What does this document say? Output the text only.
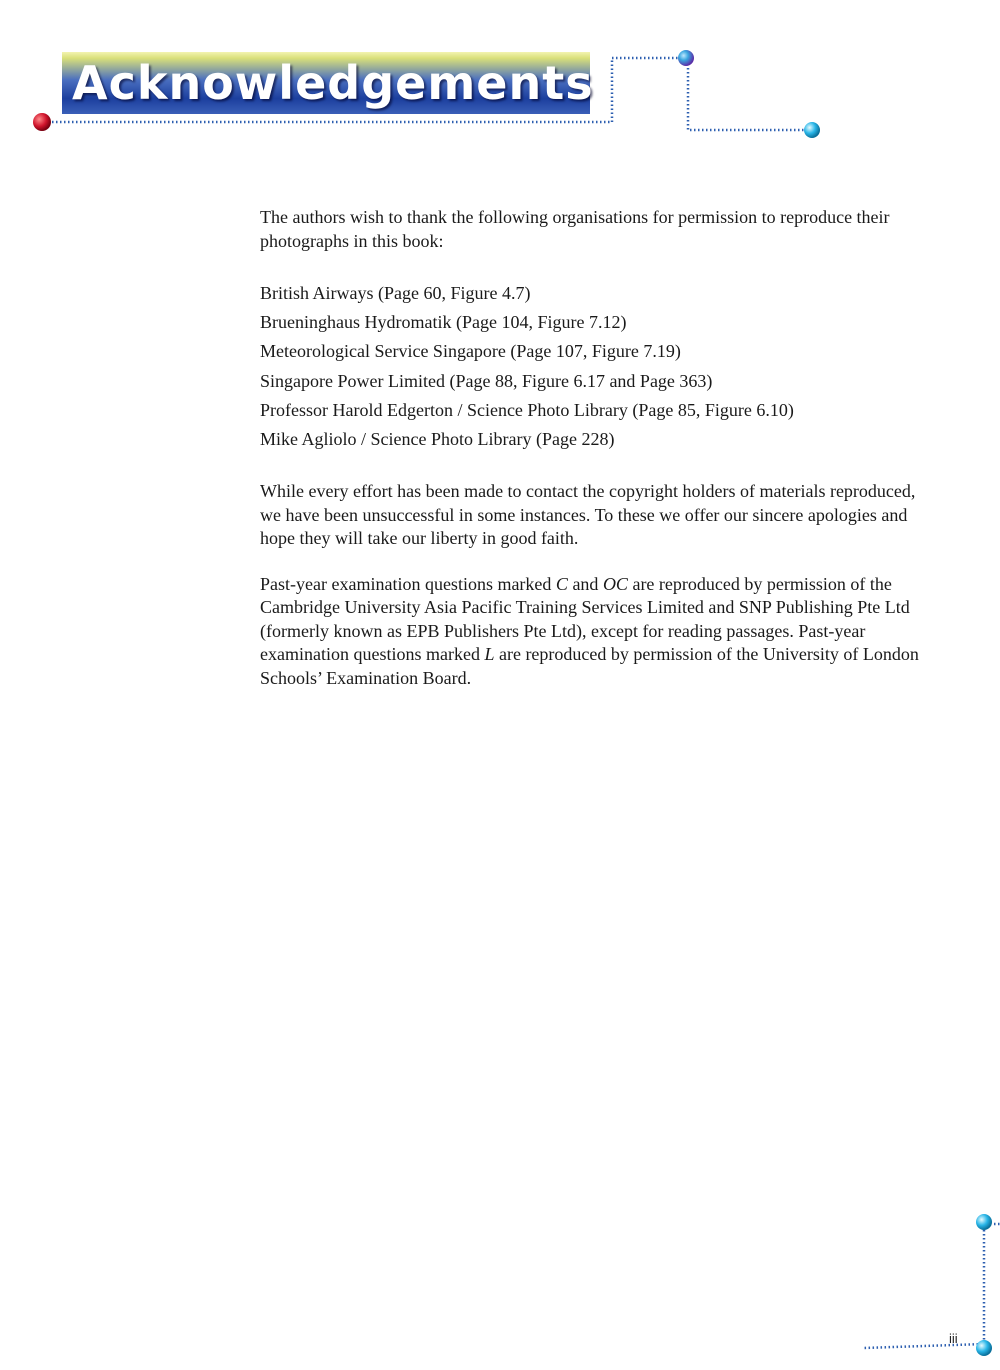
Acknowledgements

The authors wish to thank the following organisations for permission to reproduce their photographs in this book:

British Airways (Page 60, Figure 4.7)
Brueninghaus Hydromatik (Page 104, Figure 7.12)
Meteorological Service Singapore (Page 107, Figure 7.19)
Singapore Power Limited (Page 88, Figure 6.17 and Page 363)
Professor Harold Edgerton / Science Photo Library (Page 85, Figure 6.10)
Mike Agliolo / Science Photo Library (Page 228)

While every effort has been made to contact the copyright holders of materials reproduced, we have been unsuccessful in some instances. To these we offer our sincere apologies and hope they will take our liberty in good faith.

Past-year examination questions marked C and OC are reproduced by permission of the Cambridge University Asia Pacific Training Services Limited and SNP Publishing Pte Ltd (formerly known as EPB Publishers Pte Ltd), except for reading passages. Past-year examination questions marked L are reproduced by permission of the University of London Schools’ Examination Board.

iii
